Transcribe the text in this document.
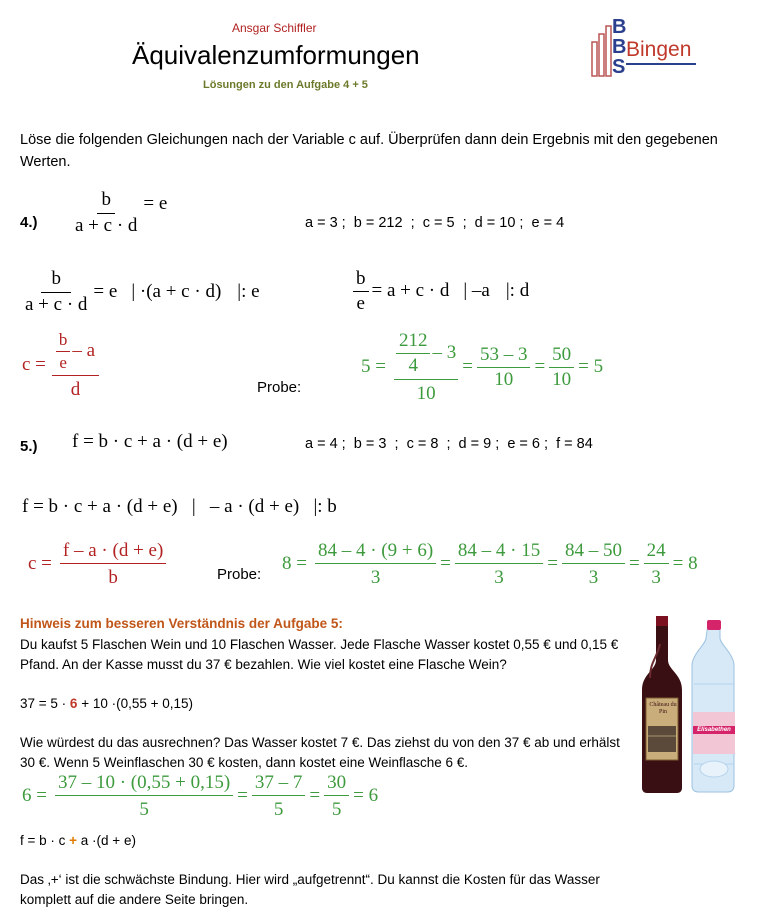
Ansgar Schiffler
Äquivalenzumformungen
Lösungen zu den Aufgabe 4 + 5
B
B
S
Bingen
Löse die folgenden Gleichungen nach der Variable c auf. Überprüfen dann dein Ergebnis mit den gegebenen Werten.
$4.) \frac{b}{a + c \cdot d} = e$
a = 3 ;  b = 212  ;  c = 5  ;  d = 10 ;  e = 4
$\frac{b}{a + c \cdot d} = e$ | ·(a + c · d) |: e	$\frac{b}{e} = a + c \cdot d$ | –a |: d
$c = \frac{\frac{b}{e} - a}{d}$	Probe:
$5 = \frac{\frac{212}{4} - 3}{10} = \frac{53 - 3}{10} = \frac{50}{10} = 5$
5.) f = b · c + a · (d + e)	a = 4 ;  b = 3  ;  c = 8  ;  d = 9 ;  e = 6 ;  f = 84
f = b · c + a · (d + e)   |   – a · (d + e)   |: b
$c = \frac{f - a \cdot (d + e)}{b}$	Probe:
$8 = \frac{84 - 4 \cdot (9 + 6)}{3} = \frac{84 - 4 \cdot 15}{3} = \frac{84 - 50}{3} = \frac{24}{3} = 8$
Hinweis zum besseren Verständnis der Aufgabe 5:
Du kaufst 5 Flaschen Wein und 10 Flaschen Wasser. Jede Flasche Wasser kostet 0,55 € und 0,15 € Pfand. An der Kasse musst du 37 € bezahlen. Wie viel kostet eine Flasche Wein?
37 = 5 · 6 + 10 ·(0,55 + 0,15)
Wie würdest du das ausrechnen? Das Wasser kostet 7 €. Das ziehst du von den 37 € ab und erhälst 30 €. Wenn 5 Weinflaschen 30 € kosten, dann kostet eine Weinflasche 6 €.
$6 = \frac{37 - 10 \cdot (0,55 + 0,15)}{5} = \frac{37 - 7}{5} = \frac{30}{5} = 6$
f = b · c + a ·(d + e)
Das ‚+‘ ist die schwächste Bindung. Hier wird „aufgetrennt“. Du kannst die Kosten für das Wasser komplett auf die andere Seite bringen.
Château du Pin
Elisabethen
